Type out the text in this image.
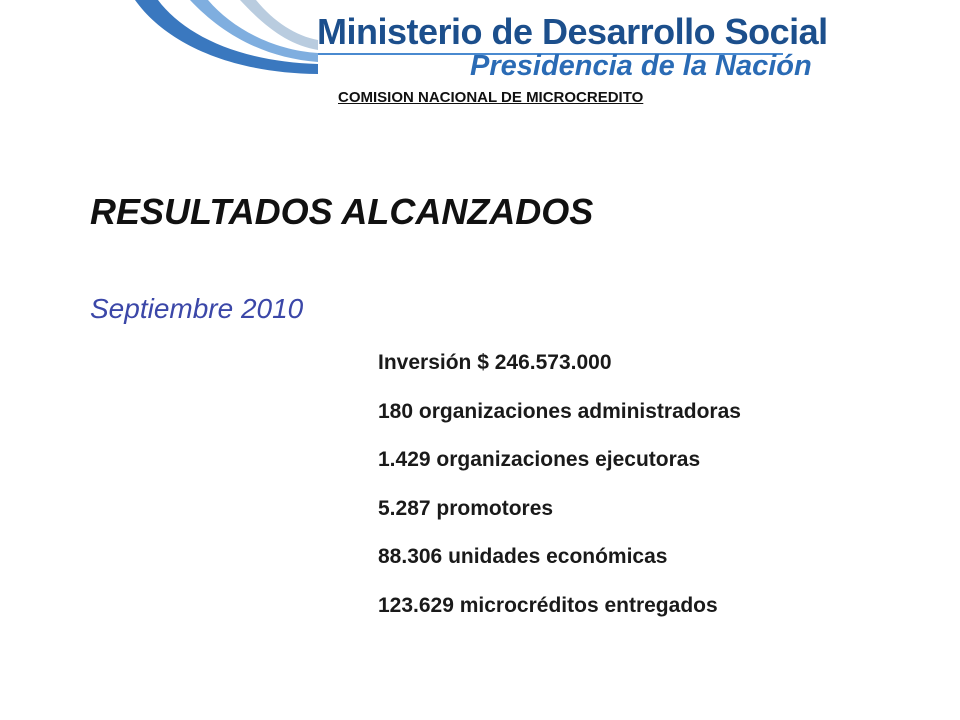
Ministerio de Desarrollo Social
Presidencia de la Nación
COMISION NACIONAL DE MICROCREDITO
RESULTADOS ALCANZADOS
Septiembre 2010
Inversión $ 246.573.000
180 organizaciones administradoras
1.429 organizaciones ejecutoras
5.287 promotores
88.306 unidades económicas
123.629 microcréditos entregados
